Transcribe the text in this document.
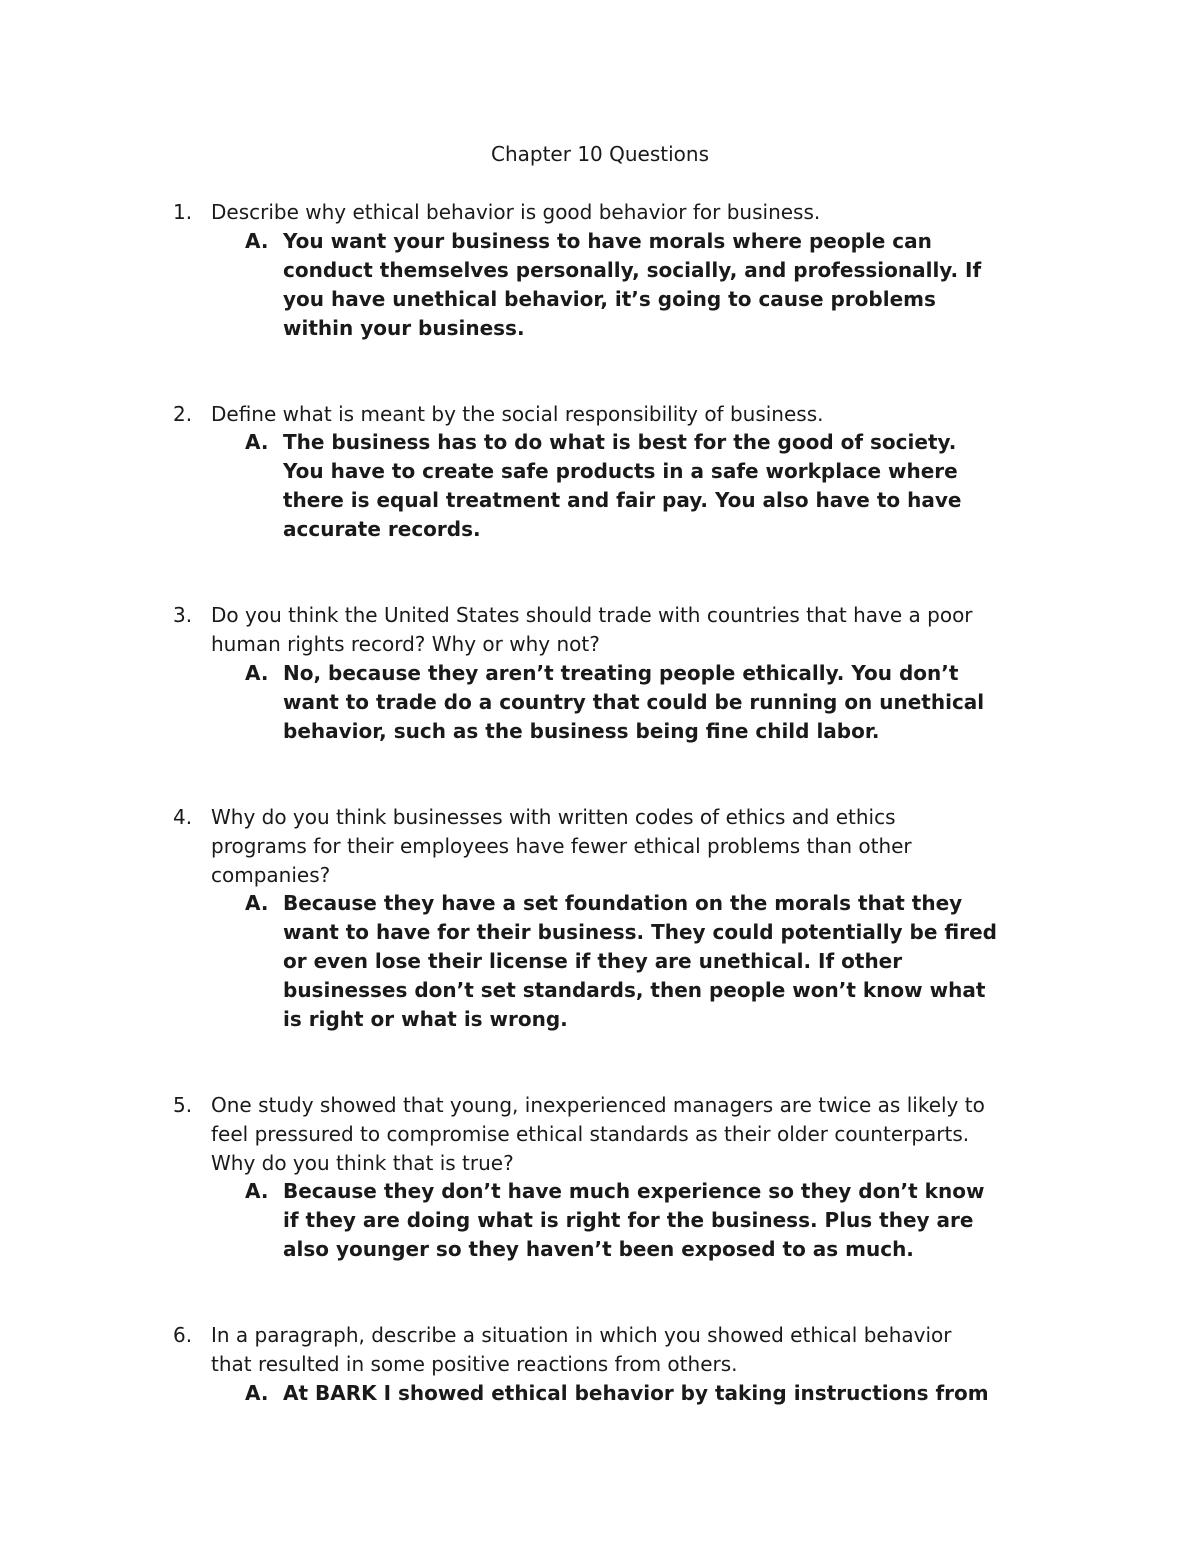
Chapter 10 Questions
1. Describe why ethical behavior is good behavior for business.
A. You want your business to have morals where people can
conduct themselves personally, socially, and professionally. If
you have unethical behavior, it’s going to cause problems
within your business.
2. Define what is meant by the social responsibility of business.
A. The business has to do what is best for the good of society.
You have to create safe products in a safe workplace where
there is equal treatment and fair pay. You also have to have
accurate records.
3. Do you think the United States should trade with countries that have a poor
human rights record? Why or why not?
A. No, because they aren’t treating people ethically. You don’t
want to trade do a country that could be running on unethical
behavior, such as the business being fine child labor.
4. Why do you think businesses with written codes of ethics and ethics
programs for their employees have fewer ethical problems than other
companies?
A. Because they have a set foundation on the morals that they
want to have for their business. They could potentially be fired
or even lose their license if they are unethical. If other
businesses don’t set standards, then people won’t know what
is right or what is wrong.
5. One study showed that young, inexperienced managers are twice as likely to
feel pressured to compromise ethical standards as their older counterparts.
Why do you think that is true?
A. Because they don’t have much experience so they don’t know
if they are doing what is right for the business. Plus they are
also younger so they haven’t been exposed to as much.
6. In a paragraph, describe a situation in which you showed ethical behavior
that resulted in some positive reactions from others.
A. At BARK I showed ethical behavior by taking instructions from
